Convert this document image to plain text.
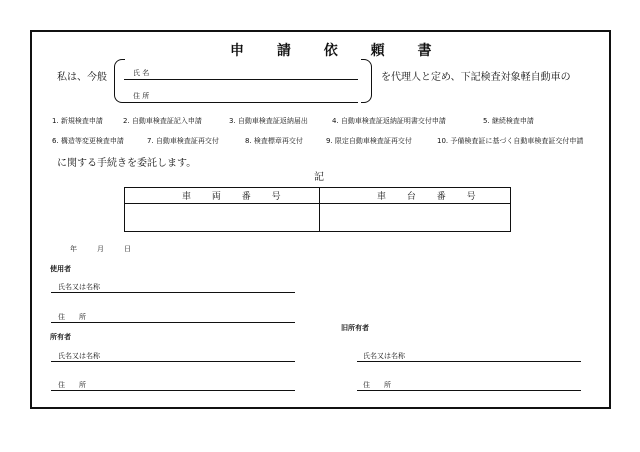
申 請 依 頼 書
私は、今般	氏 名
住 所
を代理人と定め、下記検査対象軽自動車の
1. 新規検査申請	2. 自動車検査証記入申請	3. 自動車検査証返納届出	4. 自動車検査証返納証明書交付申請	5. 継続検査申請
6. 構造等変更検査申請	7. 自動車検査証再交付	8. 検査標章再交付	9. 限定自動車検査証再交付	10. 予備検査証に基づく自動車検査証交付申請
に関する手続きを委託します。
記
車 両 番 号	車 台 番 号
年	月	日
使用者
氏名又は名称
住　　所
所有者
氏名又は名称
住　　所
旧所有者
氏名又は名称
住　　所
